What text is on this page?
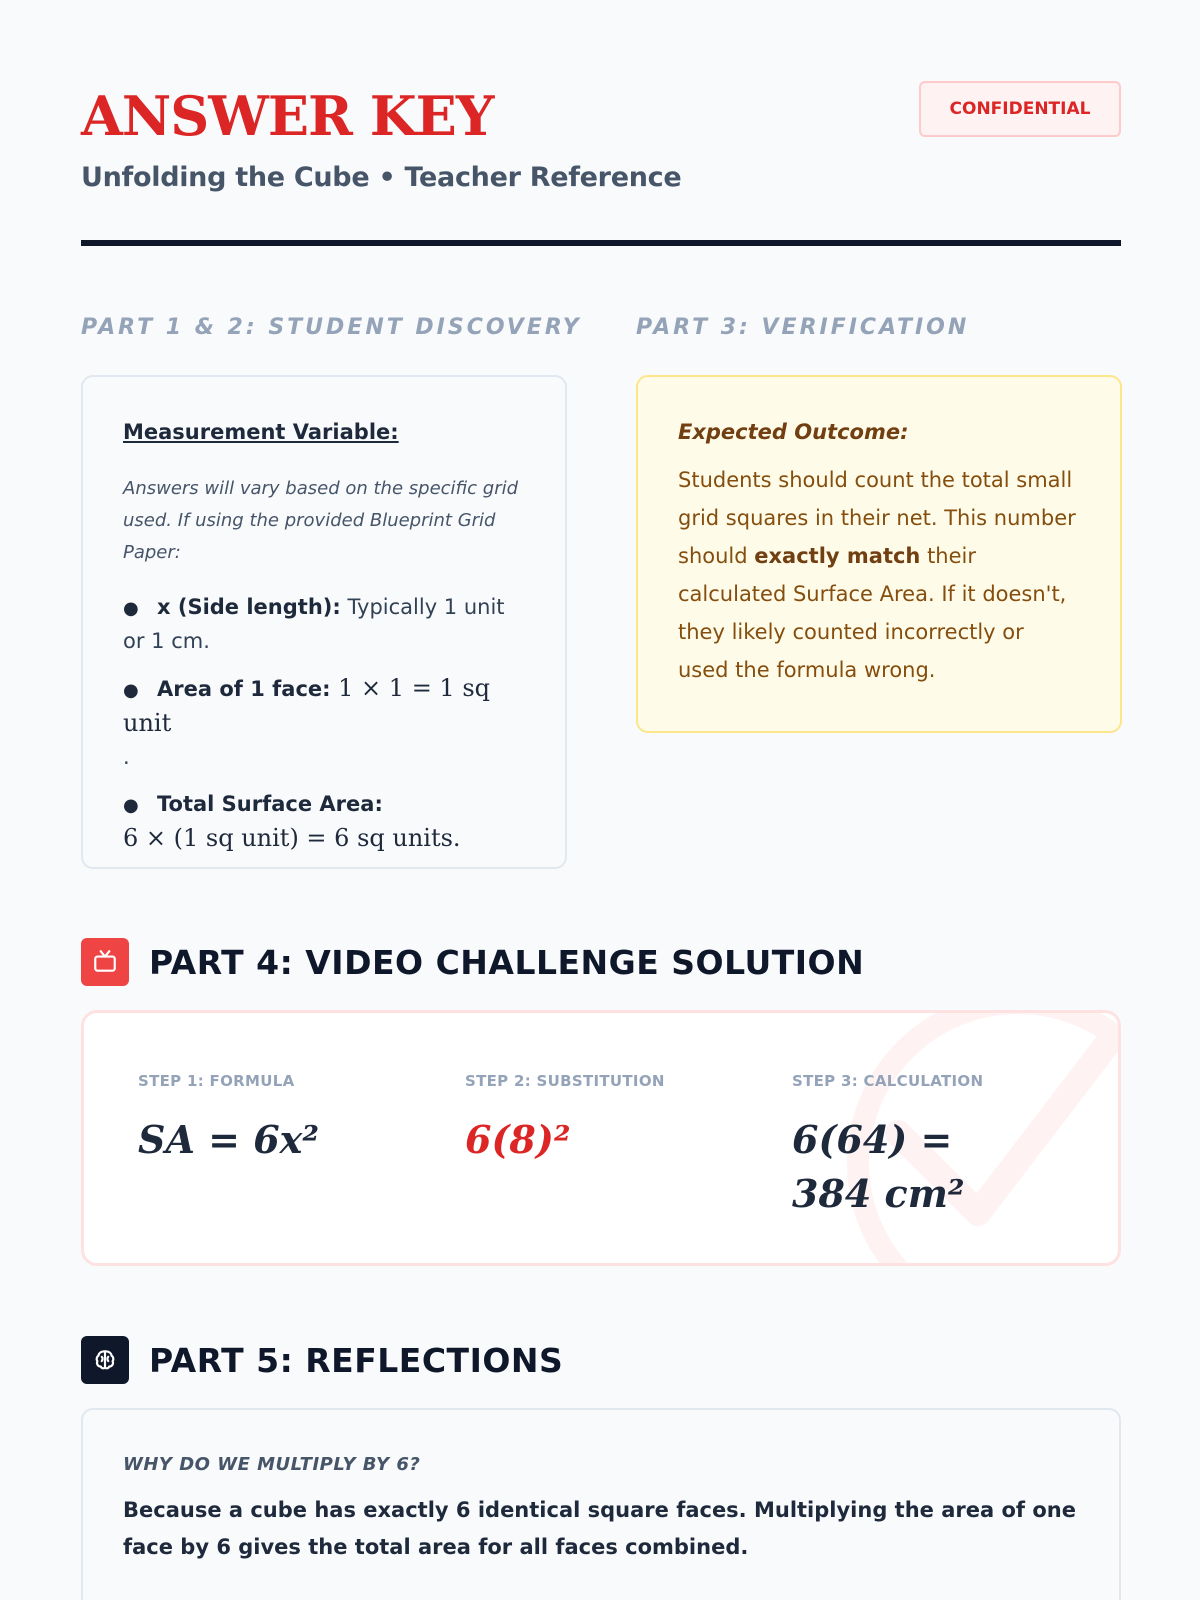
ANSWER KEY
Unfolding the Cube • Teacher Reference
CONFIDENTIAL
PART 1 & 2: STUDENT DISCOVERY PART 3: VERIFICATION
Measurement Variable:
Answers will vary based on the specific grid used. If using the provided Blueprint Grid Paper:
● x (Side length): Typically 1 unit or 1 cm.
● Area of 1 face: 1 × 1 = 1 sq unit
.
● Total Surface Area:
6 × (1 sq unit) = 6 sq units.
Expected Outcome:
Students should count the total small grid squares in their net. This number should exactly match their calculated Surface Area. If it doesn't, they likely counted incorrectly or used the formula wrong.
PART 4: VIDEO CHALLENGE SOLUTION
STEP 1: FORMULA
SA = 6x²
STEP 2: SUBSTITUTION
6(8)²
STEP 3: CALCULATION
6(64) = 384 cm²
PART 5: REFLECTIONS
WHY DO WE MULTIPLY BY 6?
Because a cube has exactly 6 identical square faces. Multiplying the area of one face by 6 gives the total area for all faces combined.
